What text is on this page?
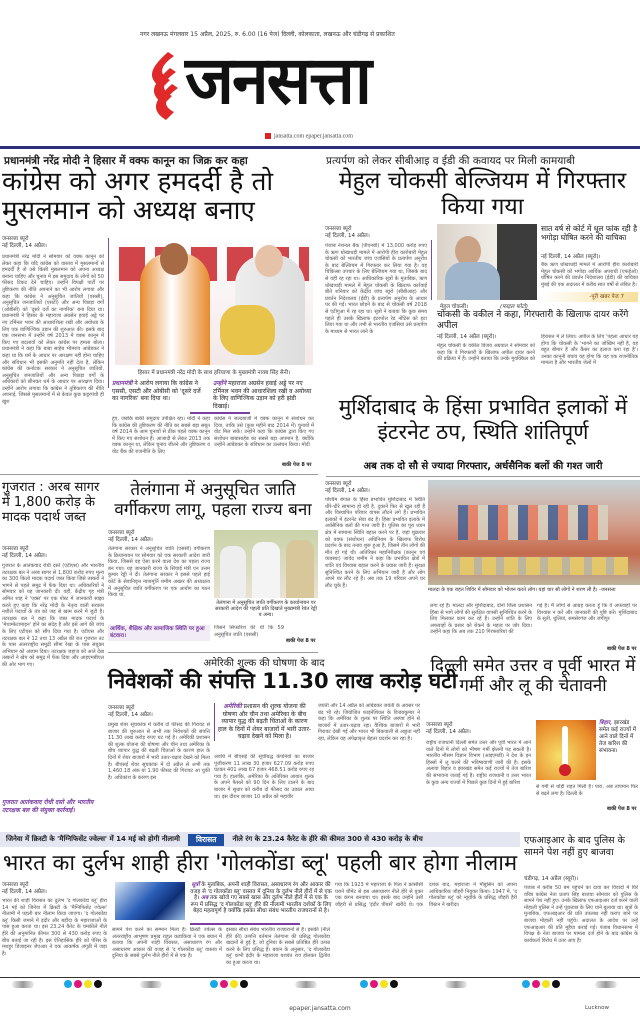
नगर लखनऊ मंगलवार 15 अप्रैल, 2025, रु. 6.00 (16 पेज) दिल्ली, कोलकाता, लखनऊ और चंडीगढ़ से प्रकाशित
जनसत्ता
jansatta.com epaper.jansatta.com
प्रधानमंत्री नरेंद्र मोदी ने हिसार में वक्फ कानून का जिक्र कर कहा
कांग्रेस को अगर हमदर्दी है तो मुसलमान को अध्यक्ष बनाए
जनसत्ता ब्यूरो
नई दिल्ली, 14 अप्रैल।
प्रधानमंत्री नरेंद्र मोदी ने सोमवार को वक्फ कानून को लेकर कहा कि यदि कांग्रेस को वास्तव में मुसलमानों से हमदर्दी है तो उसे किसी मुसलमान को अपना अध्यक्ष बनाना चाहिए और चुनाव में इस समुदाय के लोगों को 50 फीसद टिकट देने चाहिए। उन्होंने विपक्षी पार्टी पर तुष्टिकरण की नीति अपनाने का भी आरोप लगाया और कहा कि कांग्रेस ने अनुसूचित जातियों (एससी), अनुसूचित जनजातियों (एसटी) और अन्य पिछड़ा वर्गों (ओबीसी) को 'दूसरे दर्जे का नागरिक' बना दिया था। प्रधानमंत्री ने हिसार के महाराजा अग्रसेन हवाई अड्डे पर नए टर्मिनल भवन की आधारशिला रखी और अयोध्या के लिए एक वाणिज्यिक उड़ान की शुरुआत की। इसके बाद एक जनसभा में उन्होंने वर्ष 2013 में वक्फ कानून में किए गए बदलावों को लेकर कांग्रेस पर हमला बोला। प्रधानमंत्री ने कहा कि बाबा साहेब भीमराव आंबेडकर ने कहा था कि धर्म के आधार पर आरक्षण नहीं होना चाहिए और संविधान भी इसकी अनुमति नहीं देता है, लेकिन कांग्रेस की कर्नाटक सरकार ने अनुसूचित जातियों, अनुसूचित जनजातियों और अन्य पिछड़ा वर्गों के अधिकारों को छीनकर धर्म के आधार पर आरक्षण दिया। उन्होंने आरोप लगाया कि कांग्रेस ने तुष्टिकरण की नीति अपनाई, जिससे मुसलमानों में से केवल कुछ कट्टरपंथी ही खुश
हिसार में प्रधानमंत्री नरेंद्र मोदी के साथ हरियाणा के मुख्यमंत्री नायब सिंह सैनी।
प्रधानमंत्री ने आरोप लगाया कि कांग्रेस ने एससी, एसटी और ओबीसी को 'दूसरे दर्जे का नागरिक' बना दिया था।
उन्होंने महाराजा अग्रसेन हवाई अड्डे पर नए टर्मिनल भवन की आधारशिला रखी व अयोध्या के लिए वाणिज्यिक उड़ान को हरी झंडी दिखाई।
हुए, जबकि बाकी समुदाय उपेक्षित रहा। मोदी ने कहा कि कांग्रेस की तुष्टिकरण की नीति का सबसे बड़ा सबूत वर्ष 2014 के आम चुनावों से ठीक पहले वक्फ कानून में किए गए संशोधन हैं। आजादी से लेकर 2013 तक वक्फ कानून था, लेकिन चुनाव जीतने और तुष्टिकरण व वोट बैंक की राजनीति के लिए
कांग्रेस ने जल्दबाजी में वक्फ कानून में संशोधन कर दिया, ताकि उसे (कुछ महीने बाद 2014 में) चुनावों में वोट मिल सकें। उन्होंने कहा कि कांग्रेस द्वारा किए गए संशोधन बाबासाहेब का सबसे बड़ा अपमान है, क्योंकि उन्होंने आंबेडकर के संविधान का उल्लंघन किया। मोदी
बाकी पेज 8 पर
प्रत्यर्पण को लेकर सीबीआइ व ईडी की कवायद पर मिली कामयाबी
मेहुल चोकसी बेल्जियम में गिरफ्तार किया गया
जनसत्ता ब्यूरो
नई दिल्ली, 14 अप्रैल।
पंजाब नेशनल बैंक (पीएनबी) में 13,000 करोड़ रुपए के ऋण धोखाधड़ी मामले में आरोपी हीरा कारोबारी मेहुल चोकसी को भारतीय जांच एजंसियों के प्रत्यर्पण अनुरोध के बाद बेल्जियम में गिरफ्तार कर लिया गया है। वह चिकित्सा उपचार के लिए बेल्जियम गया था, जिसके बाद से वहीं रह रहा था। आधिकारिक सूत्रों के मुताबिक, ऋण धोखाधड़ी मामले में मेहुल चोकसी के खिलाफ कार्रवाई बीते शनिवार को केंद्रीय जांच ब्यूरो (सीबीआइ) और प्रवर्तन निदेशालय (ईडी) के प्रत्यर्पण अनुरोध के आधार पर की गई। भारत छोड़ने के बाद से चोकसी वर्ष 2018 से एंटीगुआ में रह रहा था। सूत्रों ने बताया कि कुछ समय पहले ही उसके खिलाफ इंटरपोल रेड नोटिस को हटा लिया गया था और तभी से भारतीय एजंसियां उसे प्रत्यर्पण के माध्यम से भारत लाने के
मेहुल चोकसी।	(फाइल फोटो)
सात वर्ष से कोर्ट में धूल फांक रही है भगोड़ा घोषित करने की याचिका
नई दिल्ली, 14 अप्रैल (ब्यूरो)।
बैंक ऋण धोखाधड़ी मामले में आरोपी हीरा कारोबारी मेहुल चोकसी को भगोड़ा आर्थिक अपराधी (एफईओ) घोषित करने की प्रवर्तन निदेशालय (ईडी) की याचिका मुंबई की एक अदालत में करीब सात वर्षों से लंबित है।
-पूरी खबर पेज 7
चोकसी के वकील ने कहा, गिरफ्तारी के खिलाफ दायर करेंगे अपील
नई दिल्ली, 14 अप्रैल (ब्यूरो)।
मेहुल चोकसी के वकील विजय अग्रवाल ने सोमवार को कहा कि वे गिरफ्तारी के खिलाफ अपील दायर करने की प्रक्रिया में हैं। उन्होंने बताया कि उनके मुवक्किल को
हिरासत में ले लिया। अपील के लिए 'पहला आधार यह होगा कि चोकसी के 'भागने का जोखिम नहीं है, वह बहुत बीमार है और कैंसर का इलाज करा रहा है'। उनका कानूनी बचाव यह होगा कि यह एक राजनीतिक मामला है और भारतीय जेलों में
मुर्शिदाबाद के हिंसा प्रभावित इलाकों में इंटरनेट ठप, स्थिति शांतिपूर्ण
अब तक दो सौ से ज्यादा गिरफ्तार, अर्धसैनिक बलों की गश्त जारी
जनसत्ता ब्यूरो
नई दिल्ली, 14 अप्रैल।
पश्चिम बंगाल के हिंसा प्रभावित मुर्शिदाबाद में स्थिति धीरे-धीरे सामान्य हो रही है, दुकानें फिर से खुल रही हैं और विस्थापित परिवार वापस लौटने लगे हैं। प्रभावित इलाकों में इंटरनेट सेवा बंद है। हिंसा प्रभावित इलाके में अर्धसैनिक बलों की गश्त जारी है। पुलिस का पूरा ध्यान क्षेत्र में सामान्य स्थिति बहाल करने पर है, जहां शुक्रवार को वक्फ (संशोधन) अधिनियम के खिलाफ विरोध प्रदर्शन के बाद तनाव शुरू हुआ है, जिसमें तीन लोगों की मौत हो गई थी। अतिरिक्त महानिरीक्षक (कानून एवं व्यवस्था) जावेद शमीम ने कहा कि प्रभावित क्षेत्रों में शांति एवं विश्वास बहाल करने के प्रयास जारी हैं। सुरक्षा सुनिश्चित करने के लिए अभियान जारी है और लोग अपने घर लौट रहे हैं। अब तक 19 परिवार अपने घर लौट चुके हैं।
मालदा के एक राहत शिविर में सोमवार को भोजन करते लोग। यहां चार सौ लोगों ने शरण ली है। -जनसत्ता
लगा रहे हैं। मालदा और मुर्शिदाबाद, दोनों जिला प्रशासन हिंसा से भागे लोगों की सुरक्षित वापसी सुनिश्चित करने के लिए मिलकर काम कर रहे हैं। उन्होंने शांति के लिए अफवाहों के प्रसार को रोकने के महत्व पर जोर दिया। उन्होंने कहा कि अब तक 210 गिरफ्तारियां की
गई हैं। मैं लोगों से आग्रह करता हूं कि वे अफवाहों पर विश्वास न करें और जानकारी की पुष्टि करें। मुर्शिदाबाद के सूती, धुलियां, समसेरगंज और जंगीपुर
बाकी पेज 8 पर
गुजरात : अरब सागर में 1,800 करोड़ के मादक पदार्थ जब्त
जनसत्ता ब्यूरो
नई दिल्ली, 14 अप्रैल।
गुजरात के आतंकवाद रोधी दस्ते (एटीएस) और भारतीय तटरक्षक बल ने अरब सागर से 1,800 करोड़ रुपए मूल्य का 300 किलो मादक पदार्थ जब्त किया जिसे तस्करों ने भागने से पहले समुद्र में फेंक दिया था। अधिकारियों ने सोमवार को यह जानकारी दी। वहीं, केंद्रीय गृह मंत्री अमित शाह ने 'एक्स' पर एक पोस्ट में जानकारी साझा करते हुए कहा कि नरेंद्र मोदी के नेतृत्व वाली सरकार नशीले पदार्थों के तंत्र को जड़ से खत्म करने में जुटी है। तटरक्षक बल ने कहा कि जब्त मादक पदार्थ के 'मेथाम्फेटामाइन' होने का संदेह है और इसे आगे की जांच के लिए एटीएस को सौंप दिया गया है। एटीएस और तटरक्षक बल ने 12 तथा 13 अप्रैल की रात गुजरात तट के पास अंतरराष्ट्रीय समुद्री सीमा रेखा के पास संयुक्त अभियान को अंजाम दिया। तटरक्षक जहाज को आते देख तस्करों ने खेप को समुद्र में फेंक दिया और आइएमबीएल की ओर भाग गए।
गुजरात आतंकवाद रोधी दस्ते और भारतीय तटरक्षक बल की संयुक्त कार्रवाई।
तेलंगाना में अनुसूचित जाति वर्गीकरण लागू, पहला राज्य बना
जनसत्ता ब्यूरो
नई दिल्ली, 14 अप्रैल।
तेलंगाना सरकार ने अनुसूचित जाति (एससी) वर्गीकरण के क्रियान्वयन पर सोमवार को एक सरकारी आदेश जारी किया, जिससे वह ऐसा करने वाला देश का पहला राज्य बन गया। यह जानकारी राज्य के सिंचाई मंत्री एन उत्तम कुमार रेड्डी ने दी। तेलंगाना सरकार ने इससे पहले हाई कोर्ट के सेवानिवृत्त न्यायमूर्ति शमीम अख्तर की अध्यक्षता में अनुसूचित जाति वर्गीकरण पर एक आयोग का गठन किया था,
आर्थिक, शैक्षिक और सामाजिक स्थिति पर हुआ बंटवारा।
तेलंगाना में अनुसूचित जाति वर्गीकरण के कार्यान्वयन पर सरकारी आदेश की पहली प्रति दिखाते मुख्यमंत्री रेवंत रेड्डी व अन्य।
जिसने सिफारिश की थी कि 59 अनुसूचित जाति (एससी)
बाकी पेज 8 पर
अमेरिकी शुल्क की घोषणा के बाद
निवेशकों की संपत्ति 11.30 लाख करोड़ घटी
जनसत्ता ब्यूरो
नई दिल्ली, 14 अप्रैल।
प्रमुख शेयर सूचकांक में करीब दो फीसद की गिरावट से बाजार की शुरुआत से अभी तक निवेशकों की संपत्ति 11.30 लाख करोड़ रुपए घट गई है। अमेरिकी प्रशासन की शुल्क योजना की घोषणा और चीन तथा अमेरिका के बीच व्यापार युद्ध की बढ़ती चिंताओं के कारण हाल के दिनों में शेयर बाजारों में भारी उतार-चढ़ाव देखने को मिला है। बीएसई शेयर सूचकांक में दो अप्रैल से अभी तक 1,460.18 अंक या 1.90 फीसद की गिरावट आ चुकी है। अधिकांश के कारण इस
अमेरिकी प्रशासन की शुल्क योजना की घोषणा और चीन तथा अमेरिका के बीच व्यापार युद्ध की बढ़ती चिंताओं के कारण हाल के दिनों में शेयर बाजारों में भारी उतार-चढ़ाव देखने को मिला है।
अवधि में बीएसई की सूचीबद्ध कंपनियों का बाजार पूंजीकरण 11 लाख 30 हजार 627.09 करोड़ रुपए घटकर 401 लाख 67 हजार 468.51 करोड़ रुपए रह गया है। हालांकि, अमेरिका के अतिरिक्त आयात शुल्क के अपने फैसले को 90 दिन के लिए टालने के बाद बाजार में सुधार को करीब दो फीसद का उछाल आया था। इस दौरान बाजार 10 अप्रैल को महावीर
जयंती और 14 अप्रैल को आंबेडकर जयंती के अवसर पर बंद भी रहे। जियोजित फाइनेंशियल के विजयकुमार ने कहा कि अमेरिका के शुल्क पर स्थिति अस्पष्ट होने से बाजारों में उतार-चढ़ाव रहा। वैश्विक बाजारों में भारी गिरावट देखी गई और भारत भी बिकवाली से अछूता नहीं रहा, लेकिन यह अपेक्षाकृत बेहतर प्रदर्शन कर रहा है।
दिल्ली समेत उत्तर व पूर्वी भारत में गर्मी और लू की चेतावनी
जनसत्ता ब्यूरो
नई दिल्ली, 14 अप्रैल।
राष्ट्रीय राजधानी दिल्ली समेत उत्तर और पूर्वी भारत में आने वाले दिनों में लोगों को भीषण गर्मी झेलनी पड़ सकती है। भारतीय मौसम विज्ञान विभाग (आइएमडी) ने देश के इन हिस्सों में लू चलने की भविष्यवाणी जारी की है। इसके अलावा बिहार व झारखंड समेत कई राज्यों में तेज बारिश की संभावना जताई गई है। राष्ट्रीय राजधानी व उत्तर भारत के कुछ अन्य राज्यों में पिछले कुछ दिनों में हुई बारिश
बिहार, झारखंड समेत कई राज्यों में आने वाले दिनों में तेज बारिश की संभावना।
से गर्मी से थोड़ी राहत मिली है। पारा, अब तापमान फिर से बढ़ने लगा है। दिल्ली के
बाकी पेज 8 पर
जिनेवा में क्रिस्टी के 'मैग्निफिसेंट ज्वेल्स' में 14 मई को होगी नीलामी	विरासत	नीले रंग के 23.24 कैरेट के हीरे की कीमत 300 से 430 करोड़ के बीच
भारत का दुर्लभ शाही हीरा 'गोलकोंडा ब्लू' पहली बार होगा नीलाम
जनसत्ता ब्यूरो
नई दिल्ली, 14 अप्रैल।
भारत की शाही विरासत का दुर्लभ 'द गोलकोंडा ब्लू' हीरा 14 मई को जिनेवा में क्रिस्टी के 'मैग्निफिसेंट ज्वेल्स' नीलामी में पहली बार नीलाम किया जाएगा। 'द गोलकोंडा ब्लू' किसी जमाने में इंदौर और बड़ौदा के महाराजाओं के पास हुआ करता था। इस 23.24 कैरेट के चमकीले नीले हीरे की अनुमानित कीमत 300 से 430 करोड़ रुपए के बीच बताई जा रही है। इस ऐतिहासिक हीरे को पेरिस के मशहूर डिजाइनर जेएआर ने एक आकर्षक अंगूठी में जड़ा है।
सूत्रों के मुताबिक, अपनी शाही विरासत, असाधारण रंग और आकार की वजह से 'द गोलकोंडा ब्लू' वास्तव में दुनिया के दुर्लभ नीले हीरों में से एक है। अब तक खोजे गए सबसे खास और दुर्लभ नीले हीरों में से एक के रूप में प्रसिद्ध 'द गोलकोंडा ब्लू' हीरे की नीलामी भारतीय दर्शकों के लिए बेहद महत्वपूर्ण है क्योंकि इसका सीधा संबंध भारतीय राजघरानों से है।
सामने पेश करने का सम्मान मिला है। क्रिस्टी ज्वेल्स के अंतरराष्ट्रीय आभूषण प्रमुख राहुल कडाकिया ने एक बयान में बताया कि अपनी शाही विरासत, असाधारण रंग और असाधारण आकार की वजह से 'द गोलकोंडा ब्लू' वास्तव में दुनिया के सबसे दुर्लभ नीले हीरों में से एक है।
इसका सीधा संबंध भारतीय राजघरानों से है। इसकी (नीले हीरे की) उत्पत्ति वर्तमान तेलंगाना की प्रसिद्ध गोलकोंडा खदानों से हुई है, जो दुनिया के सबसे प्रतिष्ठित हीरे उत्पन्न करने के लिए प्रसिद्ध हैं। बयान के अनुसार, 'द गोलकोंडा ब्लू' कभी इंदौर के महाराजा यशवंत राव होलकर द्वितीय का हुआ करता था।
गया कि 1923 में महाराजा के पिता ने फ्रांसीसी घराने चौमेट से इस असाधारण नीले हीरे से युक्त एक कंगन बनवाया था। इसके बाद उन्होंने उसी जौहरी से प्रसिद्ध 'इंदौर पीयर्स' खरीदे थे। एक दशक बाद, महाराजा ने मौबुसिन को अपना आधिकारिक जौहरी नियुक्त किया। 1947 में, 'द गोलकोंडा ब्लू' को न्यूयॉर्क के प्रसिद्ध जौहरी हैरी विंस्टन ने खरीदा।
एफआइआर के बाद पुलिस के सामने पेश नहीं हुए बाजवा
चंडीगढ़, 14 अप्रैल (ब्यूरो)।
पंजाब में करीब 50 बम पहुंचने का दावा कर विवादों में घिरे वरिष्ठ कांग्रेस नेता प्रताप सिंह बाजवा सोमवार को पुलिस के सामने पेश नहीं हुए। उनके खिलाफ एफआइआर दर्ज करने वाली मोहाली पुलिस ने उन्हें पूछताछ के लिए थाने बुलाया था। सूत्रों के मुताबिक, एफआइआर की प्रति उपलब्ध नहीं कराए जाने पर बाजवा मोहाली नहीं पहुंचे। अदालत के आदेश पर उन्हें एफआइआर की प्रति मुहैया कराई गई। पंजाब विधानसभा में विपक्ष के नेता बाजवा पर मामला दर्ज होने के बाद कांग्रेस के कार्यकर्ता विरोध में उतर आए हैं।
epaper.jansatta.com	Lucknow
